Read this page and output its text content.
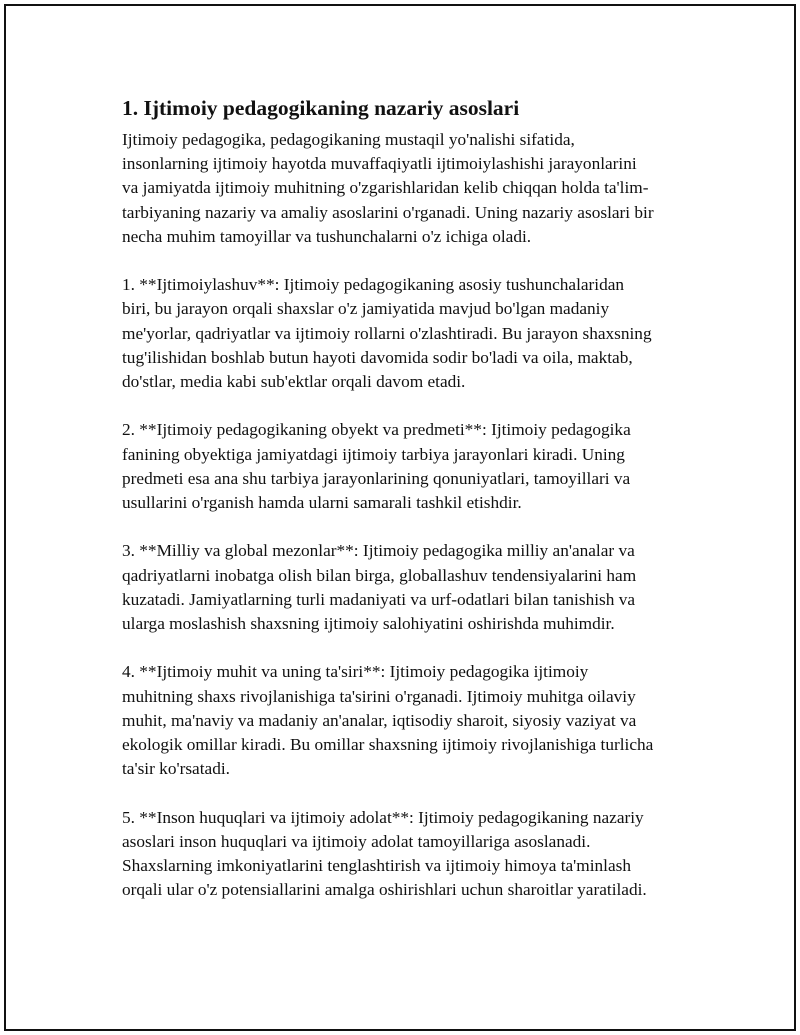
1. Ijtimoiy pedagogikaning nazariy asoslari

Ijtimoiy pedagogika, pedagogikaning mustaqil yo'nalishi sifatida,
insonlarning ijtimoiy hayotda muvaffaqiyatli ijtimoiylashishi jarayonlarini
va jamiyatda ijtimoiy muhitning o'zgarishlaridan kelib chiqqan holda ta'lim-
tarbiyaning nazariy va amaliy asoslarini o'rganadi. Uning nazariy asoslari bir
necha muhim tamoyillar va tushunchalarni o'z ichiga oladi.

1. **Ijtimoiylashuv**: Ijtimoiy pedagogikaning asosiy tushunchalaridan
biri, bu jarayon orqali shaxslar o'z jamiyatida mavjud bo'lgan madaniy
me'yorlar, qadriyatlar va ijtimoiy rollarni o'zlashtiradi. Bu jarayon shaxsning
tug'ilishidan boshlab butun hayoti davomida sodir bo'ladi va oila, maktab,
do'stlar, media kabi sub'ektlar orqali davom etadi.

2. **Ijtimoiy pedagogikaning obyekt va predmeti**: Ijtimoiy pedagogika
fanining obyektiga jamiyatdagi ijtimoiy tarbiya jarayonlari kiradi. Uning
predmeti esa ana shu tarbiya jarayonlarining qonuniyatlari, tamoyillari va
usullarini o'rganish hamda ularni samarali tashkil etishdir.

3. **Milliy va global mezonlar**: Ijtimoiy pedagogika milliy an'analar va
qadriyatlarni inobatga olish bilan birga, globallashuv tendensiyalarini ham
kuzatadi. Jamiyatlarning turli madaniyati va urf-odatlari bilan tanishish va
ularga moslashish shaxsning ijtimoiy salohiyatini oshirishda muhimdir.

4. **Ijtimoiy muhit va uning ta'siri**: Ijtimoiy pedagogika ijtimoiy
muhitning shaxs rivojlanishiga ta'sirini o'rganadi. Ijtimoiy muhitga oilaviy
muhit, ma'naviy va madaniy an'analar, iqtisodiy sharoit, siyosiy vaziyat va
ekologik omillar kiradi. Bu omillar shaxsning ijtimoiy rivojlanishiga turlicha
ta'sir ko'rsatadi.

5. **Inson huquqlari va ijtimoiy adolat**: Ijtimoiy pedagogikaning nazariy
asoslari inson huquqlari va ijtimoiy adolat tamoyillariga asoslanadi.
Shaxslarning imkoniyatlarini tenglashtirish va ijtimoiy himoya ta'minlash
orqali ular o'z potensiallarini amalga oshirishlari uchun sharoitlar yaratiladi.
